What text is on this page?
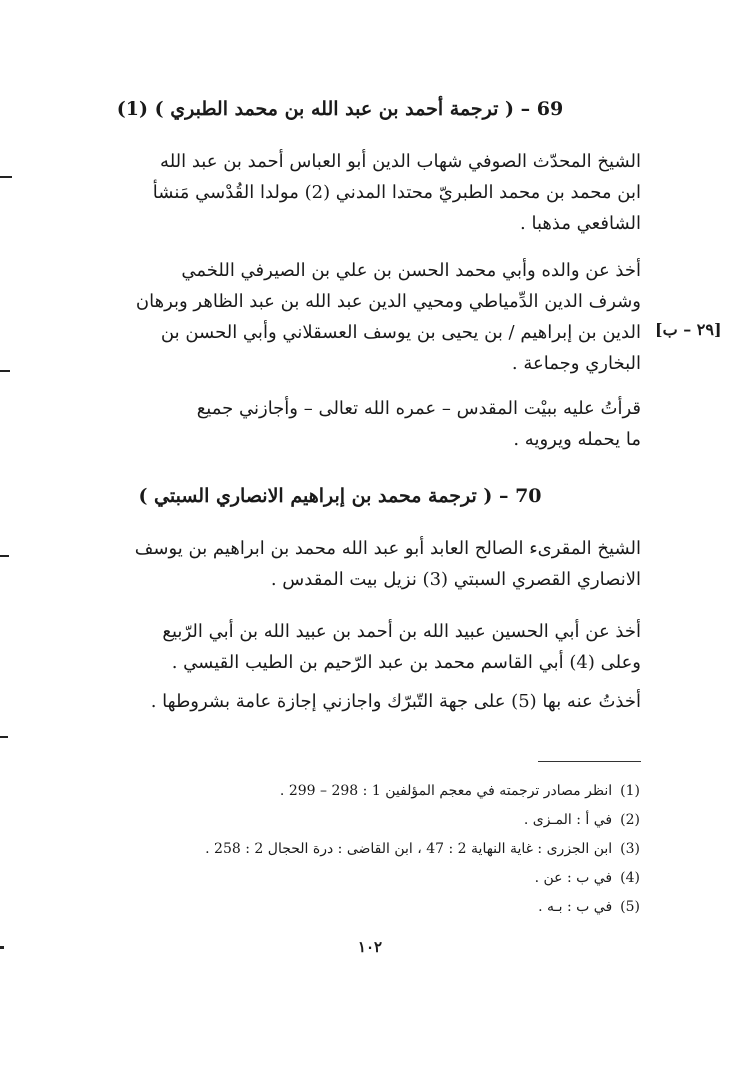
69 – ( ترجمة أحمد بن عبد الله بن محمد الطبري ) (1)
الشيخ المحدّث الصوفي شهاب الدين أبو العباس أحمد بن عبد الله
ابن محمد بن محمد الطبريّ محتدا المدني (2) مولدا القُدْسي مَنشأ
الشافعي مذهبا .
أخذ عن والده وأبي محمد الحسن بن علي بن الصيرفي اللخمي
وشرف الدين الدِّمياطي ومحيي الدين عبد الله بن عبد الظاهر وبرهان
الدين بن إبراهيم / بن يحيى بن يوسف العسقلاني وأبي الحسن بن
البخاري وجماعة .
[٢٩ – ب]
قرأتُ عليه ببيْت المقدس – عمره الله تعالى – وأجازني جميع
ما يحمله ويرويه .
70 – ( ترجمة محمد بن إبراهيم الانصاري السبتي )
الشيخ المقرىء الصالح العابد أبو عبد الله محمد بن ابراهيم بن يوسف
الانصاري القصري السبتي (3) نزيل بيت المقدس .
أخذ عن أبي الحسين عبيد الله بن أحمد بن عبيد الله بن أبي الرّبيع
وعلى (4) أبي القاسم محمد بن عبد الرّحيم بن الطيب القيسي .
أخذتُ عنه بها (5) على جهة التّبرّك واجازني إجازة عامة بشروطها .
(1)انظر مصادر ترجمته في معجم المؤلفين 1 : 298 – 299 .
(2)في أ : المـزى .
(3)ابن الجزرى : غاية النهاية 2 : 47 ، ابن القاضى : درة الحجال 2 : 258 .
(4)في ب : عن .
(5)في ب : بـه .
١٠٢
